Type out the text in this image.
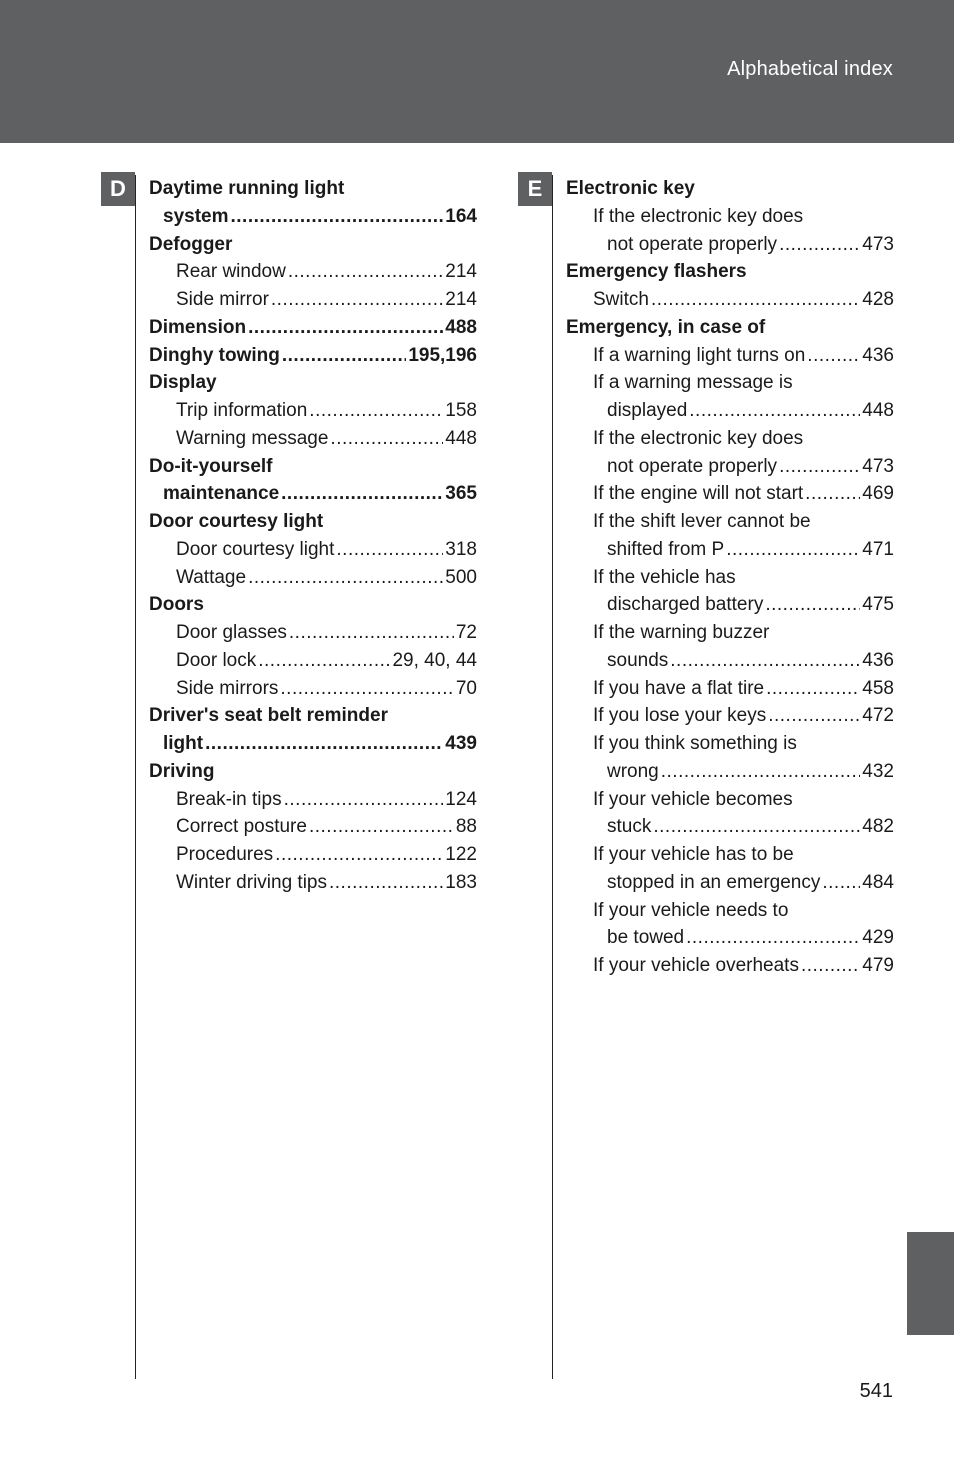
Alphabetical index
D	E
Daytime running light
system .....	164
Defogger
Rear window .....	214
Side mirror .....	214
Dimension .....	488
Dinghy towing .....	195,196
Display
Trip information .....	158
Warning message .....	448
Do-it-yourself
maintenance .....	365
Door courtesy light
Door courtesy light .....	318
Wattage .....	500
Doors
Door glasses .....	72
Door lock .....	29, 40, 44
Side mirrors .....	70
Driver's seat belt reminder
light .....	439
Driving
Break-in tips .....	124
Correct posture .....	88
Procedures .....	122
Winter driving tips .....	183
Electronic key
If the electronic key does
not operate properly .....	473
Emergency flashers
Switch .....	428
Emergency, in case of
If a warning light turns on .....	436
If a warning message is
displayed .....	448
If the electronic key does
not operate properly .....	473
If the engine will not start .....	469
If the shift lever cannot be
shifted from P .....	471
If the vehicle has
discharged battery .....	475
If the warning buzzer
sounds .....	436
If you have a flat tire .....	458
If you lose your keys .....	472
If you think something is
wrong .....	432
If your vehicle becomes
stuck .....	482
If your vehicle has to be
stopped in an emergency ..... 484
If your vehicle needs to
be towed .....	429
If your vehicle overheats .....	479
541
